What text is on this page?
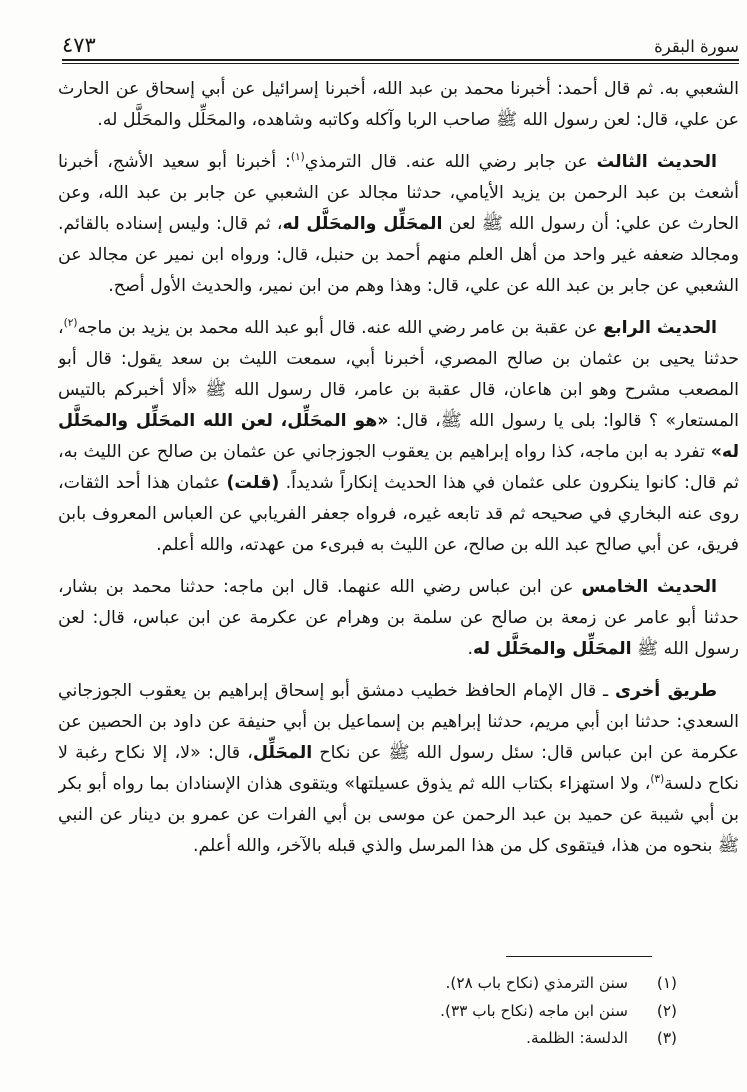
سورة البقرة
٤٧٣

الشعبي به. ثم قال أحمد: أخبرنا محمد بن عبد الله، أخبرنا إسرائيل عن أبي إسحاق عن الحارث عن علي، قال: لعن رسول الله ﷺ صاحب الربا وآكله وكاتبه وشاهده، والمحَلِّل والمحَلَّل له.

الحديث الثالث عن جابر رضي الله عنه. قال الترمذي$^{(١)}$: أخبرنا أبو سعيد الأشج، أخبرنا أشعث بن عبد الرحمن بن يزيد الأيامي، حدثنا مجالد عن الشعبي عن جابر بن عبد الله، وعن الحارث عن علي: أن رسول الله ﷺ لعن المحَلِّل والمحَلَّل له، ثم قال: وليس إسناده بالقائم. ومجالد ضعفه غير واحد من أهل العلم منهم أحمد بن حنبل، قال: ورواه ابن نمير عن مجالد عن الشعبي عن جابر بن عبد الله عن علي، قال: وهذا وهم من ابن نمير، والحديث الأول أصح.

الحديث الرابع عن عقبة بن عامر رضي الله عنه. قال أبو عبد الله محمد بن يزيد بن ماجه$^{(٢)}$، حدثنا يحيى بن عثمان بن صالح المصري، أخبرنا أبي، سمعت الليث بن سعد يقول: قال أبو المصعب مشرح وهو ابن هاعان، قال عقبة بن عامر، قال رسول الله ﷺ «ألا أخبركم بالتيس المستعار» ؟ قالوا: بلى يا رسول الله ﷺ، قال: «هو المحَلِّل، لعن الله المحَلِّل والمحَلَّل له» تفرد به ابن ماجه، كذا رواه إبراهيم بن يعقوب الجوزجاني عن عثمان بن صالح عن الليث به، ثم قال: كانوا ينكرون على عثمان في هذا الحديث إنكاراً شديداً. (قلت) عثمان هذا أحد الثقات، روى عنه البخاري في صحيحه ثم قد تابعه غيره، فرواه جعفر الفريابي عن العباس المعروف بابن فريق، عن أبي صالح عبد الله بن صالح، عن الليث به فبرىء من عهدته، والله أعلم.

الحديث الخامس عن ابن عباس رضي الله عنهما. قال ابن ماجه: حدثنا محمد بن بشار، حدثنا أبو عامر عن زمعة بن صالح عن سلمة بن وهرام عن عكرمة عن ابن عباس، قال: لعن رسول الله ﷺ المحَلِّل والمحَلَّل له.

طريق أخرى ـ قال الإمام الحافظ خطيب دمشق أبو إسحاق إبراهيم بن يعقوب الجوزجاني السعدي: حدثنا ابن أبي مريم، حدثنا إبراهيم بن إسماعيل بن أبي حنيفة عن داود بن الحصين عن عكرمة عن ابن عباس قال: سئل رسول الله ﷺ عن نكاح المحَلِّل، قال: «لا، إلا نكاح رغبة لا نكاح دلسة$^{(٣)}$، ولا استهزاء بكتاب الله ثم يذوق عسيلتها» ويتقوى هذان الإسنادان بما رواه أبو بكر بن أبي شيبة عن حميد بن عبد الرحمن عن موسى بن أبي الفرات عن عمرو بن دينار عن النبي ﷺ بنحوه من هذا، فيتقوى كل من هذا المرسل والذي قبله بالآخر، والله أعلم.

(١)
سنن الترمذي (نكاح باب ٢٨).
(٢)
سنن ابن ماجه (نكاح باب ٣٣).
(٣)
الدلسة: الظلمة.
